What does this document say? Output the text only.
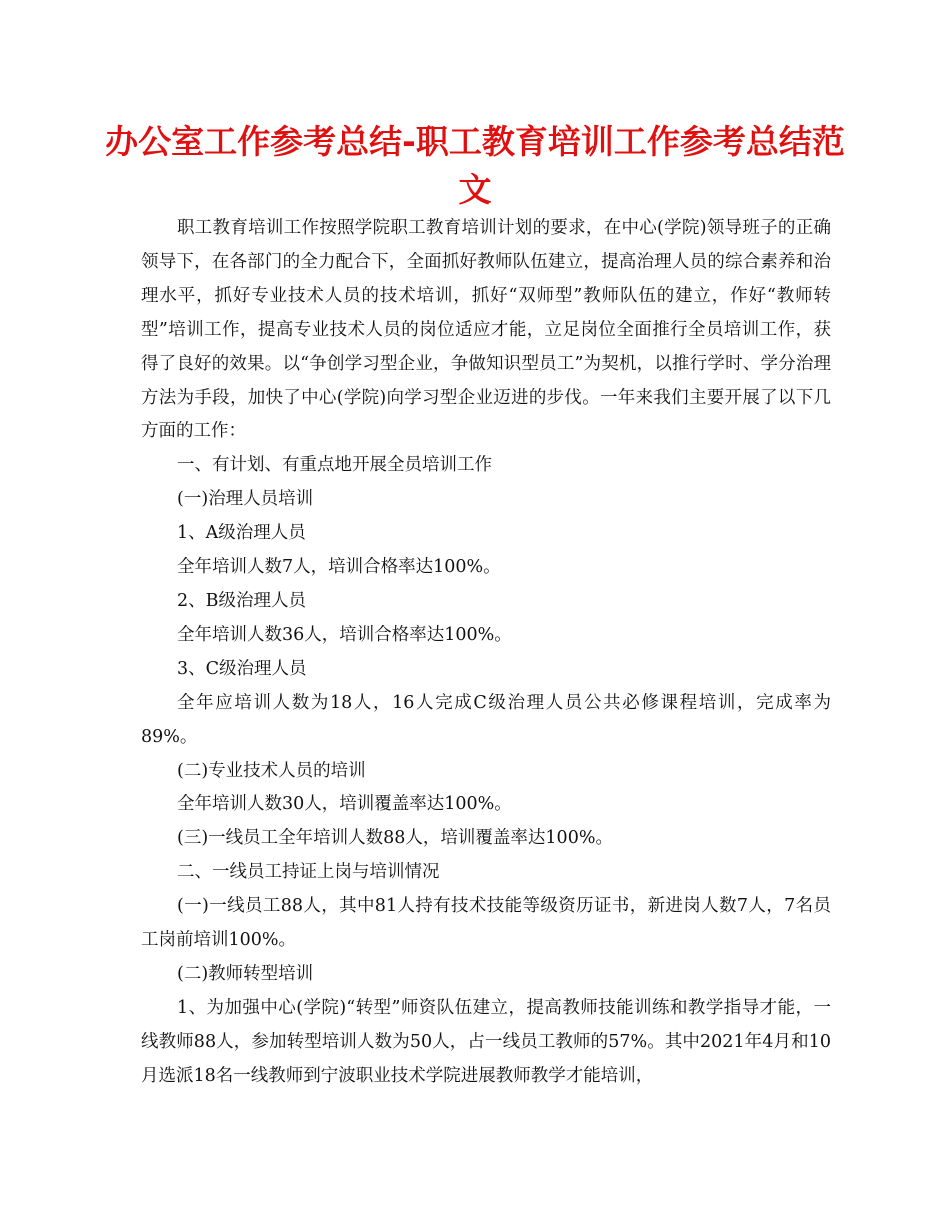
办公室工作参考总结-职工教育培训工作参考总结范文

职工教育培训工作按照学院职工教育培训计划的要求，在中心(学院)领导班子的正确领导下，在各部门的全力配合下，全面抓好教师队伍建立，提高治理人员的综合素养和治理水平，抓好专业技术人员的技术培训，抓好“双师型”教师队伍的建立，作好“教师转型”培训工作，提高专业技术人员的岗位适应才能，立足岗位全面推行全员培训工作，获得了良好的效果。以“争创学习型企业，争做知识型员工”为契机，以推行学时、学分治理方法为手段，加快了中心(学院)向学习型企业迈进的步伐。一年来我们主要开展了以下几方面的工作：

一、有计划、有重点地开展全员培训工作

(一)治理人员培训

1、A级治理人员

全年培训人数7人，培训合格率达100%。

2、B级治理人员

全年培训人数36人，培训合格率达100%。

3、C级治理人员

全年应培训人数为18人，16人完成C级治理人员公共必修课程培训，完成率为89%。

(二)专业技术人员的培训

全年培训人数30人，培训覆盖率达100%。

(三)一线员工全年培训人数88人，培训覆盖率达100%。

二、一线员工持证上岗与培训情况

(一)一线员工88人，其中81人持有技术技能等级资历证书，新进岗人数7人，7名员工岗前培训100%。

(二)教师转型培训

1、为加强中心(学院)“转型”师资队伍建立，提高教师技能训练和教学指导才能，一线教师88人，参加转型培训人数为50人，占一线员工教师的57%。其中2021年4月和10月选派18名一线教师到宁波职业技术学院进展教师教学才能培训，
